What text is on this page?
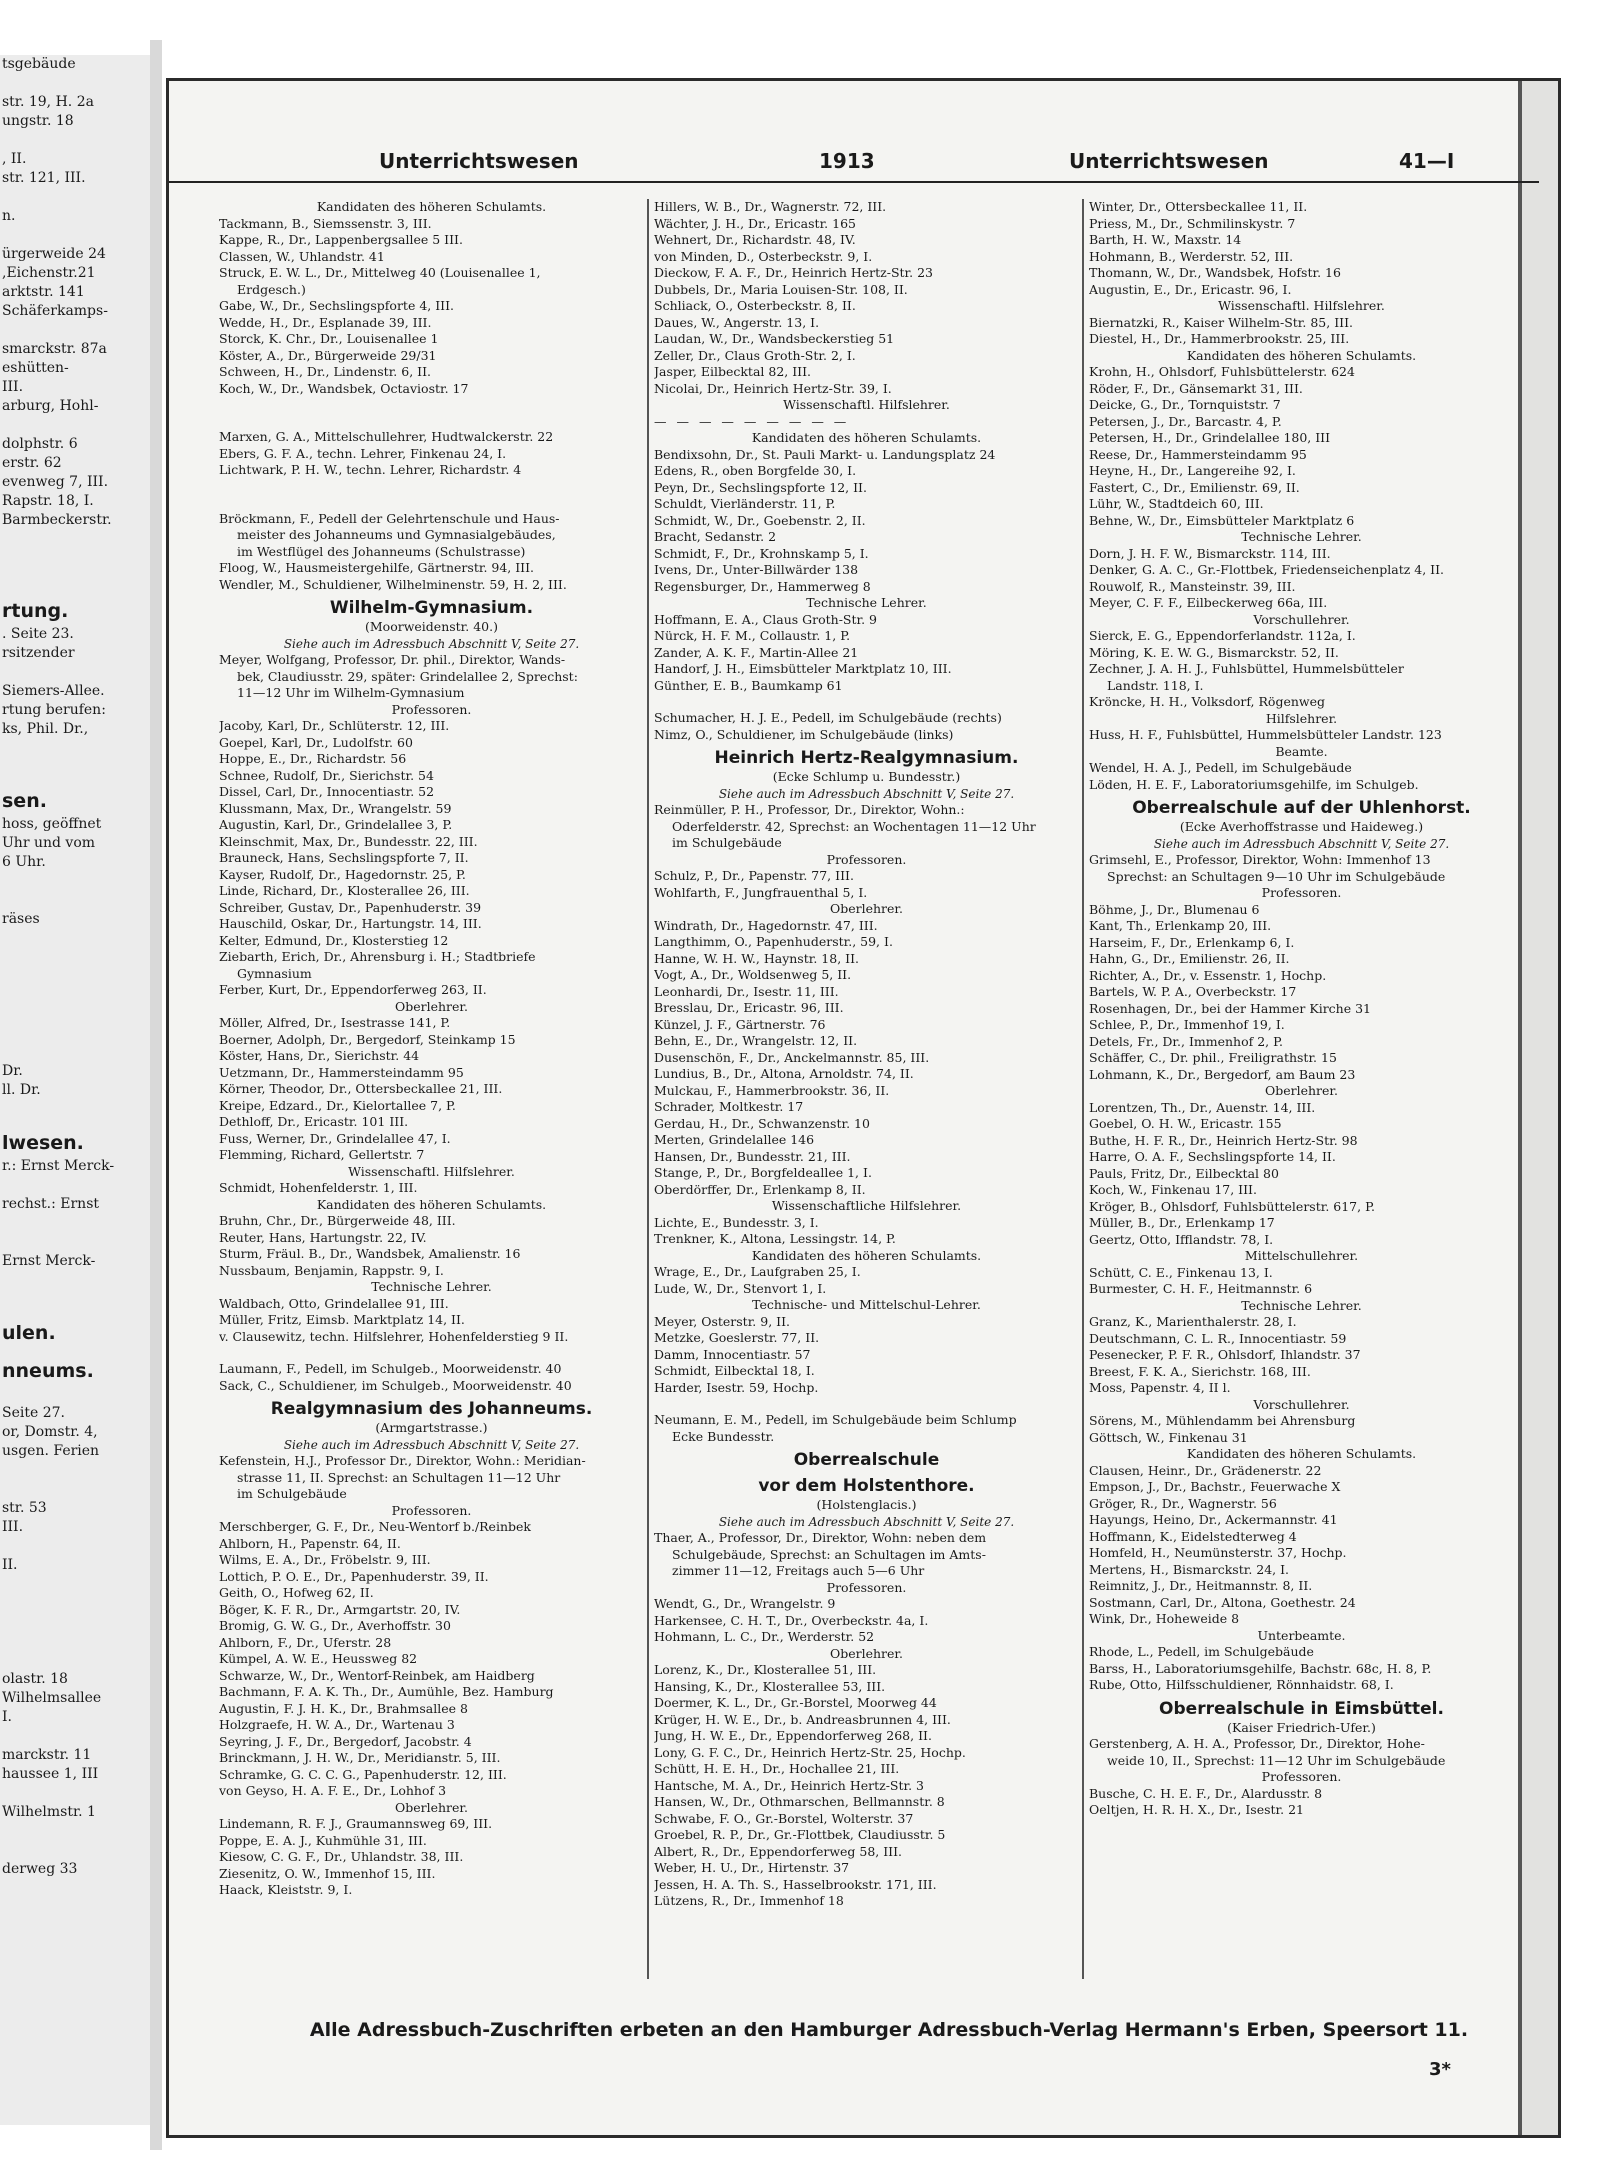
tsgebäude

str. 19, H. 2a
ungstr. 18

, II.
str. 121, III.

n.

ürgerweide 24
,Eichenstr.21
arktstr. 141
Schäferkamps-

smarckstr. 87a
eshütten-
III.
arburg, Hohl-

dolphstr. 6
erstr. 62
evenweg 7, III.
Rapstr. 18, I.
Barmbeckerstr.

rtung.
. Seite 23.
rsitzender

Siemers-Allee.
rtung berufen:
ks, Phil. Dr.,

sen.
hoss, geöffnet
Uhr und vom
6 Uhr.

räses

Dr.
ll. Dr.

lwesen.
r.: Ernst Merck-

rechst.: Ernst

Ernst Merck-

ulen.
nneums.

Seite 27.
or, Domstr. 4,
usgen. Ferien

str. 53
III.

II.

olastr. 18
Wilhelmsallee
I.

marckstr. 11
haussee 1, III

Wilhelmstr. 1

derweg 33
Unterrichtswesen	1913	Unterrichtswesen	41—I
Kandidaten des höheren Schulamts.
Tackmann, B., Siemssenstr. 3, III.
Kappe, R., Dr., Lappenbergsallee 5 III.
Classen, W., Uhlandstr. 41
Struck, E. W. L., Dr., Mittelweg 40 (Louisenallee 1,
Erdgesch.)
Gabe, W., Dr., Sechslingspforte 4, III.
Wedde, H., Dr., Esplanade 39, III.
Storck, K. Chr., Dr., Louisenallee 1
Köster, A., Dr., Bürgerweide 29/31
Schween, H., Dr., Lindenstr. 6, II.
Koch, W., Dr., Wandsbek, Octaviostr. 17
Marxen, G. A., Mittelschullehrer, Hudtwalckerstr. 22
Ebers, G. F. A., techn. Lehrer, Finkenau 24, I.
Lichtwark, P. H. W., techn. Lehrer, Richardstr. 4
Bröckmann, F., Pedell der Gelehrtenschule und Haus-
meister des Johanneums und Gymnasialgebäudes,
im Westflügel des Johanneums (Schulstrasse)
Floog, W., Hausmeistergehilfe, Gärtnerstr. 94, III.
Wendler, M., Schuldiener, Wilhelminenstr. 59, H. 2, III.
Wilhelm-Gymnasium.
(Moorweidenstr. 40.)
Siehe auch im Adressbuch Abschnitt V, Seite 27.
Meyer, Wolfgang, Professor, Dr. phil., Direktor, Wands-
bek, Claudiusstr. 29, später: Grindelallee 2, Sprechst:
11—12 Uhr im Wilhelm-Gymnasium
Professoren.
Jacoby, Karl, Dr., Schlüterstr. 12, III.
Goepel, Karl, Dr., Ludolfstr. 60
Hoppe, E., Dr., Richardstr. 56
Schnee, Rudolf, Dr., Sierichstr. 54
Dissel, Carl, Dr., Innocentiastr. 52
Klussmann, Max, Dr., Wrangelstr. 59
Augustin, Karl, Dr., Grindelallee 3, P.
Kleinschmit, Max, Dr., Bundesstr. 22, III.
Brauneck, Hans, Sechslingspforte 7, II.
Kayser, Rudolf, Dr., Hagedornstr. 25, P.
Linde, Richard, Dr., Klosterallee 26, III.
Schreiber, Gustav, Dr., Papenhuderstr. 39
Hauschild, Oskar, Dr., Hartungstr. 14, III.
Kelter, Edmund, Dr., Klosterstieg 12
Ziebarth, Erich, Dr., Ahrensburg i. H.; Stadtbriefe
Gymnasium
Ferber, Kurt, Dr., Eppendorferweg 263, II.
Oberlehrer.
Möller, Alfred, Dr., Isestrasse 141, P.
Boerner, Adolph, Dr., Bergedorf, Steinkamp 15
Köster, Hans, Dr., Sierichstr. 44
Uetzmann, Dr., Hammersteindamm 95
Körner, Theodor, Dr., Ottersbeckallee 21, III.
Kreipe, Edzard., Dr., Kielortallee 7, P.
Dethloff, Dr., Ericastr. 101 III.
Fuss, Werner, Dr., Grindelallee 47, I.
Flemming, Richard, Gellertstr. 7
Wissenschaftl. Hilfslehrer.
Schmidt, Hohenfelderstr. 1, III.
Kandidaten des höheren Schulamts.
Bruhn, Chr., Dr., Bürgerweide 48, III.
Reuter, Hans, Hartungstr. 22, IV.
Sturm, Fräul. B., Dr., Wandsbek, Amalienstr. 16
Nussbaum, Benjamin, Rappstr. 9, I.
Technische Lehrer.
Waldbach, Otto, Grindelallee 91, III.
Müller, Fritz, Eimsb. Marktplatz 14, II.
v. Clausewitz, techn. Hilfslehrer, Hohenfelderstieg 9 II.
Laumann, F., Pedell, im Schulgeb., Moorweidenstr. 40
Sack, C., Schuldiener, im Schulgeb., Moorweidenstr. 40
Realgymnasium des Johanneums.
(Armgartstrasse.)
Siehe auch im Adressbuch Abschnitt V, Seite 27.
Kefenstein, H.J., Professor Dr., Direktor, Wohn.: Meridian-
strasse 11, II. Sprechst: an Schultagen 11—12 Uhr
im Schulgebäude
Professoren.
Merschberger, G. F., Dr., Neu-Wentorf b./Reinbek
Ahlborn, H., Papenstr. 64, II.
Wilms, E. A., Dr., Fröbelstr. 9, III.
Lottich, P. O. E., Dr., Papenhuderstr. 39, II.
Geith, O., Hofweg 62, II.
Böger, K. F. R., Dr., Armgartstr. 20, IV.
Bromig, G. W. G., Dr., Averhoffstr. 30
Ahlborn, F., Dr., Uferstr. 28
Kümpel, A. W. E., Heussweg 82
Schwarze, W., Dr., Wentorf-Reinbek, am Haidberg
Bachmann, F. A. K. Th., Dr., Aumühle, Bez. Hamburg
Augustin, F. J. H. K., Dr., Brahmsallee 8
Holzgraefe, H. W. A., Dr., Wartenau 3
Seyring, J. F., Dr., Bergedorf, Jacobstr. 4
Brinckmann, J. H. W., Dr., Meridianstr. 5, III.
Schramke, G. C. C. G., Papenhuderstr. 12, III.
von Geyso, H. A. F. E., Dr., Lohhof 3
Oberlehrer.
Lindemann, R. F. J., Graumannsweg 69, III.
Poppe, E. A. J., Kuhmühle 31, III.
Kiesow, C. G. F., Dr., Uhlandstr. 38, III.
Ziesenitz, O. W., Immenhof 15, III.
Haack, Kleiststr. 9, I.
Hillers, W. B., Dr., Wagnerstr. 72, III.
Wächter, J. H., Dr., Ericastr. 165
Wehnert, Dr., Richardstr. 48, IV.
von Minden, D., Osterbeckstr. 9, I.
Dieckow, F. A. F., Dr., Heinrich Hertz-Str. 23
Dubbels, Dr., Maria Louisen-Str. 108, II.
Schliack, O., Osterbeckstr. 8, II.
Daues, W., Angerstr. 13, I.
Laudan, W., Dr., Wandsbeckerstieg 51
Zeller, Dr., Claus Groth-Str. 2, I.
Jasper, Eilbecktal 82, III.
Nicolai, Dr., Heinrich Hertz-Str. 39, I.
Wissenschaftl. Hilfslehrer.
— — — — — — — — —
Kandidaten des höheren Schulamts.
Bendixsohn, Dr., St. Pauli Markt- u. Landungsplatz 24
Edens, R., oben Borgfelde 30, I.
Peyn, Dr., Sechslingspforte 12, II.
Schuldt, Vierländerstr. 11, P.
Schmidt, W., Dr., Goebenstr. 2, II.
Bracht, Sedanstr. 2
Schmidt, F., Dr., Krohnskamp 5, I.
Ivens, Dr., Unter-Billwärder 138
Regensburger, Dr., Hammerweg 8
Technische Lehrer.
Hoffmann, E. A., Claus Groth-Str. 9
Nürck, H. F. M., Collaustr. 1, P.
Zander, A. K. F., Martin-Allee 21
Handorf, J. H., Eimsbütteler Marktplatz 10, III.
Günther, E. B., Baumkamp 61
Schumacher, H. J. E., Pedell, im Schulgebäude (rechts)
Nimz, O., Schuldiener, im Schulgebäude (links)
Heinrich Hertz-Realgymnasium.
(Ecke Schlump u. Bundesstr.)
Siehe auch im Adressbuch Abschnitt V, Seite 27.
Reinmüller, P. H., Professor, Dr., Direktor, Wohn.:
Oderfelderstr. 42, Sprechst: an Wochentagen 11—12 Uhr
im Schulgebäude
Professoren.
Schulz, P., Dr., Papenstr. 77, III.
Wohlfarth, F., Jungfrauenthal 5, I.
Oberlehrer.
Windrath, Dr., Hagedornstr. 47, III.
Langthimm, O., Papenhuderstr., 59, I.
Hanne, W. H. W., Haynstr. 18, II.
Vogt, A., Dr., Woldsenweg 5, II.
Leonhardi, Dr., Isestr. 11, III.
Bresslau, Dr., Ericastr. 96, III.
Künzel, J. F., Gärtnerstr. 76
Behn, E., Dr., Wrangelstr. 12, II.
Dusenschön, F., Dr., Anckelmannstr. 85, III.
Lundius, B., Dr., Altona, Arnoldstr. 74, II.
Mulckau, F., Hammerbrookstr. 36, II.
Schrader, Moltkestr. 17
Gerdau, H., Dr., Schwanzenstr. 10
Merten, Grindelallee 146
Hansen, Dr., Bundesstr. 21, III.
Stange, P., Dr., Borgfeldeallee 1, I.
Oberdörffer, Dr., Erlenkamp 8, II.
Wissenschaftliche Hilfslehrer.
Lichte, E., Bundesstr. 3, I.
Trenkner, K., Altona, Lessingstr. 14, P.
Kandidaten des höheren Schulamts.
Wrage, E., Dr., Laufgraben 25, I.
Lude, W., Dr., Stenvort 1, I.
Technische- und Mittelschul-Lehrer.
Meyer, Osterstr. 9, II.
Metzke, Goeslerstr. 77, II.
Damm, Innocentiastr. 57
Schmidt, Eilbecktal 18, I.
Harder, Isestr. 59, Hochp.
Neumann, E. M., Pedell, im Schulgebäude beim Schlump
Ecke Bundesstr.
Oberrealschule
vor dem Holstenthore.
(Holstenglacis.)
Siehe auch im Adressbuch Abschnitt V, Seite 27.
Thaer, A., Professor, Dr., Direktor, Wohn: neben dem
Schulgebäude, Sprechst: an Schultagen im Amts-
zimmer 11—12, Freitags auch 5—6 Uhr
Professoren.
Wendt, G., Dr., Wrangelstr. 9
Harkensee, C. H. T., Dr., Overbeckstr. 4a, I.
Hohmann, L. C., Dr., Werderstr. 52
Oberlehrer.
Lorenz, K., Dr., Klosterallee 51, III.
Hansing, K., Dr., Klosterallee 53, III.
Doermer, K. L., Dr., Gr.-Borstel, Moorweg 44
Krüger, H. W. E., Dr., b. Andreasbrunnen 4, III.
Jung, H. W. E., Dr., Eppendorferweg 268, II.
Lony, G. F. C., Dr., Heinrich Hertz-Str. 25, Hochp.
Schütt, H. E. H., Dr., Hochallee 21, III.
Hantsche, M. A., Dr., Heinrich Hertz-Str. 3
Hansen, W., Dr., Othmarschen, Bellmannstr. 8
Schwabe, F. O., Gr.-Borstel, Wolterstr. 37
Groebel, R. P., Dr., Gr.-Flottbek, Claudiusstr. 5
Albert, R., Dr., Eppendorferweg 58, III.
Weber, H. U., Dr., Hirtenstr. 37
Jessen, H. A. Th. S., Hasselbrookstr. 171, III.
Lützens, R., Dr., Immenhof 18
Winter, Dr., Ottersbeckallee 11, II.
Priess, M., Dr., Schmilinskystr. 7
Barth, H. W., Maxstr. 14
Hohmann, B., Werderstr. 52, III.
Thomann, W., Dr., Wandsbek, Hofstr. 16
Augustin, E., Dr., Ericastr. 96, I.
Wissenschaftl. Hilfslehrer.
Biernatzki, R., Kaiser Wilhelm-Str. 85, III.
Diestel, H., Dr., Hammerbrookstr. 25, III.
Kandidaten des höheren Schulamts.
Krohn, H., Ohlsdorf, Fuhlsbüttelerstr. 624
Röder, F., Dr., Gänsemarkt 31, III.
Deicke, G., Dr., Tornquiststr. 7
Petersen, J., Dr., Barcastr. 4, P.
Petersen, H., Dr., Grindelallee 180, III
Reese, Dr., Hammersteindamm 95
Heyne, H., Dr., Langereihe 92, I.
Fastert, C., Dr., Emilienstr. 69, II.
Lühr, W., Stadtdeich 60, III.
Behne, W., Dr., Eimsbütteler Marktplatz 6
Technische Lehrer.
Dorn, J. H. F. W., Bismarckstr. 114, III.
Denker, G. A. C., Gr.-Flottbek, Friedenseichenplatz 4, II.
Rouwolf, R., Mansteinstr. 39, III.
Meyer, C. F. F., Eilbeckerweg 66a, III.
Vorschullehrer.
Sierck, E. G., Eppendorferlandstr. 112a, I.
Möring, K. E. W. G., Bismarckstr. 52, II.
Zechner, J. A. H. J., Fuhlsbüttel, Hummelsbütteler
Landstr. 118, I.
Kröncke, H. H., Volksdorf, Rögenweg
Hilfslehrer.
Huss, H. F., Fuhlsbüttel, Hummelsbütteler Landstr. 123
Beamte.
Wendel, H. A. J., Pedell, im Schulgebäude
Löden, H. E. F., Laboratoriumsgehilfe, im Schulgeb.
Oberrealschule auf der Uhlenhorst.
(Ecke Averhoffstrasse und Haideweg.)
Siehe auch im Adressbuch Abschnitt V, Seite 27.
Grimsehl, E., Professor, Direktor, Wohn: Immenhof 13
Sprechst: an Schultagen 9—10 Uhr im Schulgebäude
Professoren.
Böhme, J., Dr., Blumenau 6
Kant, Th., Erlenkamp 20, III.
Harseim, F., Dr., Erlenkamp 6, I.
Hahn, G., Dr., Emilienstr. 26, II.
Richter, A., Dr., v. Essenstr. 1, Hochp.
Bartels, W. P. A., Overbeckstr. 17
Rosenhagen, Dr., bei der Hammer Kirche 31
Schlee, P., Dr., Immenhof 19, I.
Detels, Fr., Dr., Immenhof 2, P.
Schäffer, C., Dr. phil., Freiligrathstr. 15
Lohmann, K., Dr., Bergedorf, am Baum 23
Oberlehrer.
Lorentzen, Th., Dr., Auenstr. 14, III.
Goebel, O. H. W., Ericastr. 155
Buthe, H. F. R., Dr., Heinrich Hertz-Str. 98
Harre, O. A. F., Sechslingspforte 14, II.
Pauls, Fritz, Dr., Eilbecktal 80
Koch, W., Finkenau 17, III.
Kröger, B., Ohlsdorf, Fuhlsbüttelerstr. 617, P.
Müller, B., Dr., Erlenkamp 17
Geertz, Otto, Ifflandstr. 78, I.
Mittelschullehrer.
Schütt, C. E., Finkenau 13, I.
Burmester, C. H. F., Heitmannstr. 6
Technische Lehrer.
Granz, K., Marienthalerstr. 28, I.
Deutschmann, C. L. R., Innocentiastr. 59
Pesenecker, P. F. R., Ohlsdorf, Ihlandstr. 37
Breest, F. K. A., Sierichstr. 168, III.
Moss, Papenstr. 4, II l.
Vorschullehrer.
Sörens, M., Mühlendamm bei Ahrensburg
Göttsch, W., Finkenau 31
Kandidaten des höheren Schulamts.
Clausen, Heinr., Dr., Grädenerstr. 22
Empson, J., Dr., Bachstr., Feuerwache X
Gröger, R., Dr., Wagnerstr. 56
Hayungs, Heino, Dr., Ackermannstr. 41
Hoffmann, K., Eidelstedterweg 4
Homfeld, H., Neumünsterstr. 37, Hochp.
Mertens, H., Bismarckstr. 24, I.
Reimnitz, J., Dr., Heitmannstr. 8, II.
Sostmann, Carl, Dr., Altona, Goethestr. 24
Wink, Dr., Hoheweide 8
Unterbeamte.
Rhode, L., Pedell, im Schulgebäude
Barss, H., Laboratoriumsgehilfe, Bachstr. 68c, H. 8, P.
Rube, Otto, Hilfsschuldiener, Rönnhaidstr. 68, I.
Oberrealschule in Eimsbüttel.
(Kaiser Friedrich-Ufer.)
Gerstenberg, A. H. A., Professor, Dr., Direktor, Hohe-
weide 10, II., Sprechst: 11—12 Uhr im Schulgebäude
Professoren.
Busche, C. H. E. F., Dr., Alardusstr. 8
Oeltjen, H. R. H. X., Dr., Isestr. 21
Alle Adressbuch-Zuschriften erbeten an den Hamburger Adressbuch-Verlag Hermann's Erben, Speersort 11.
3*
